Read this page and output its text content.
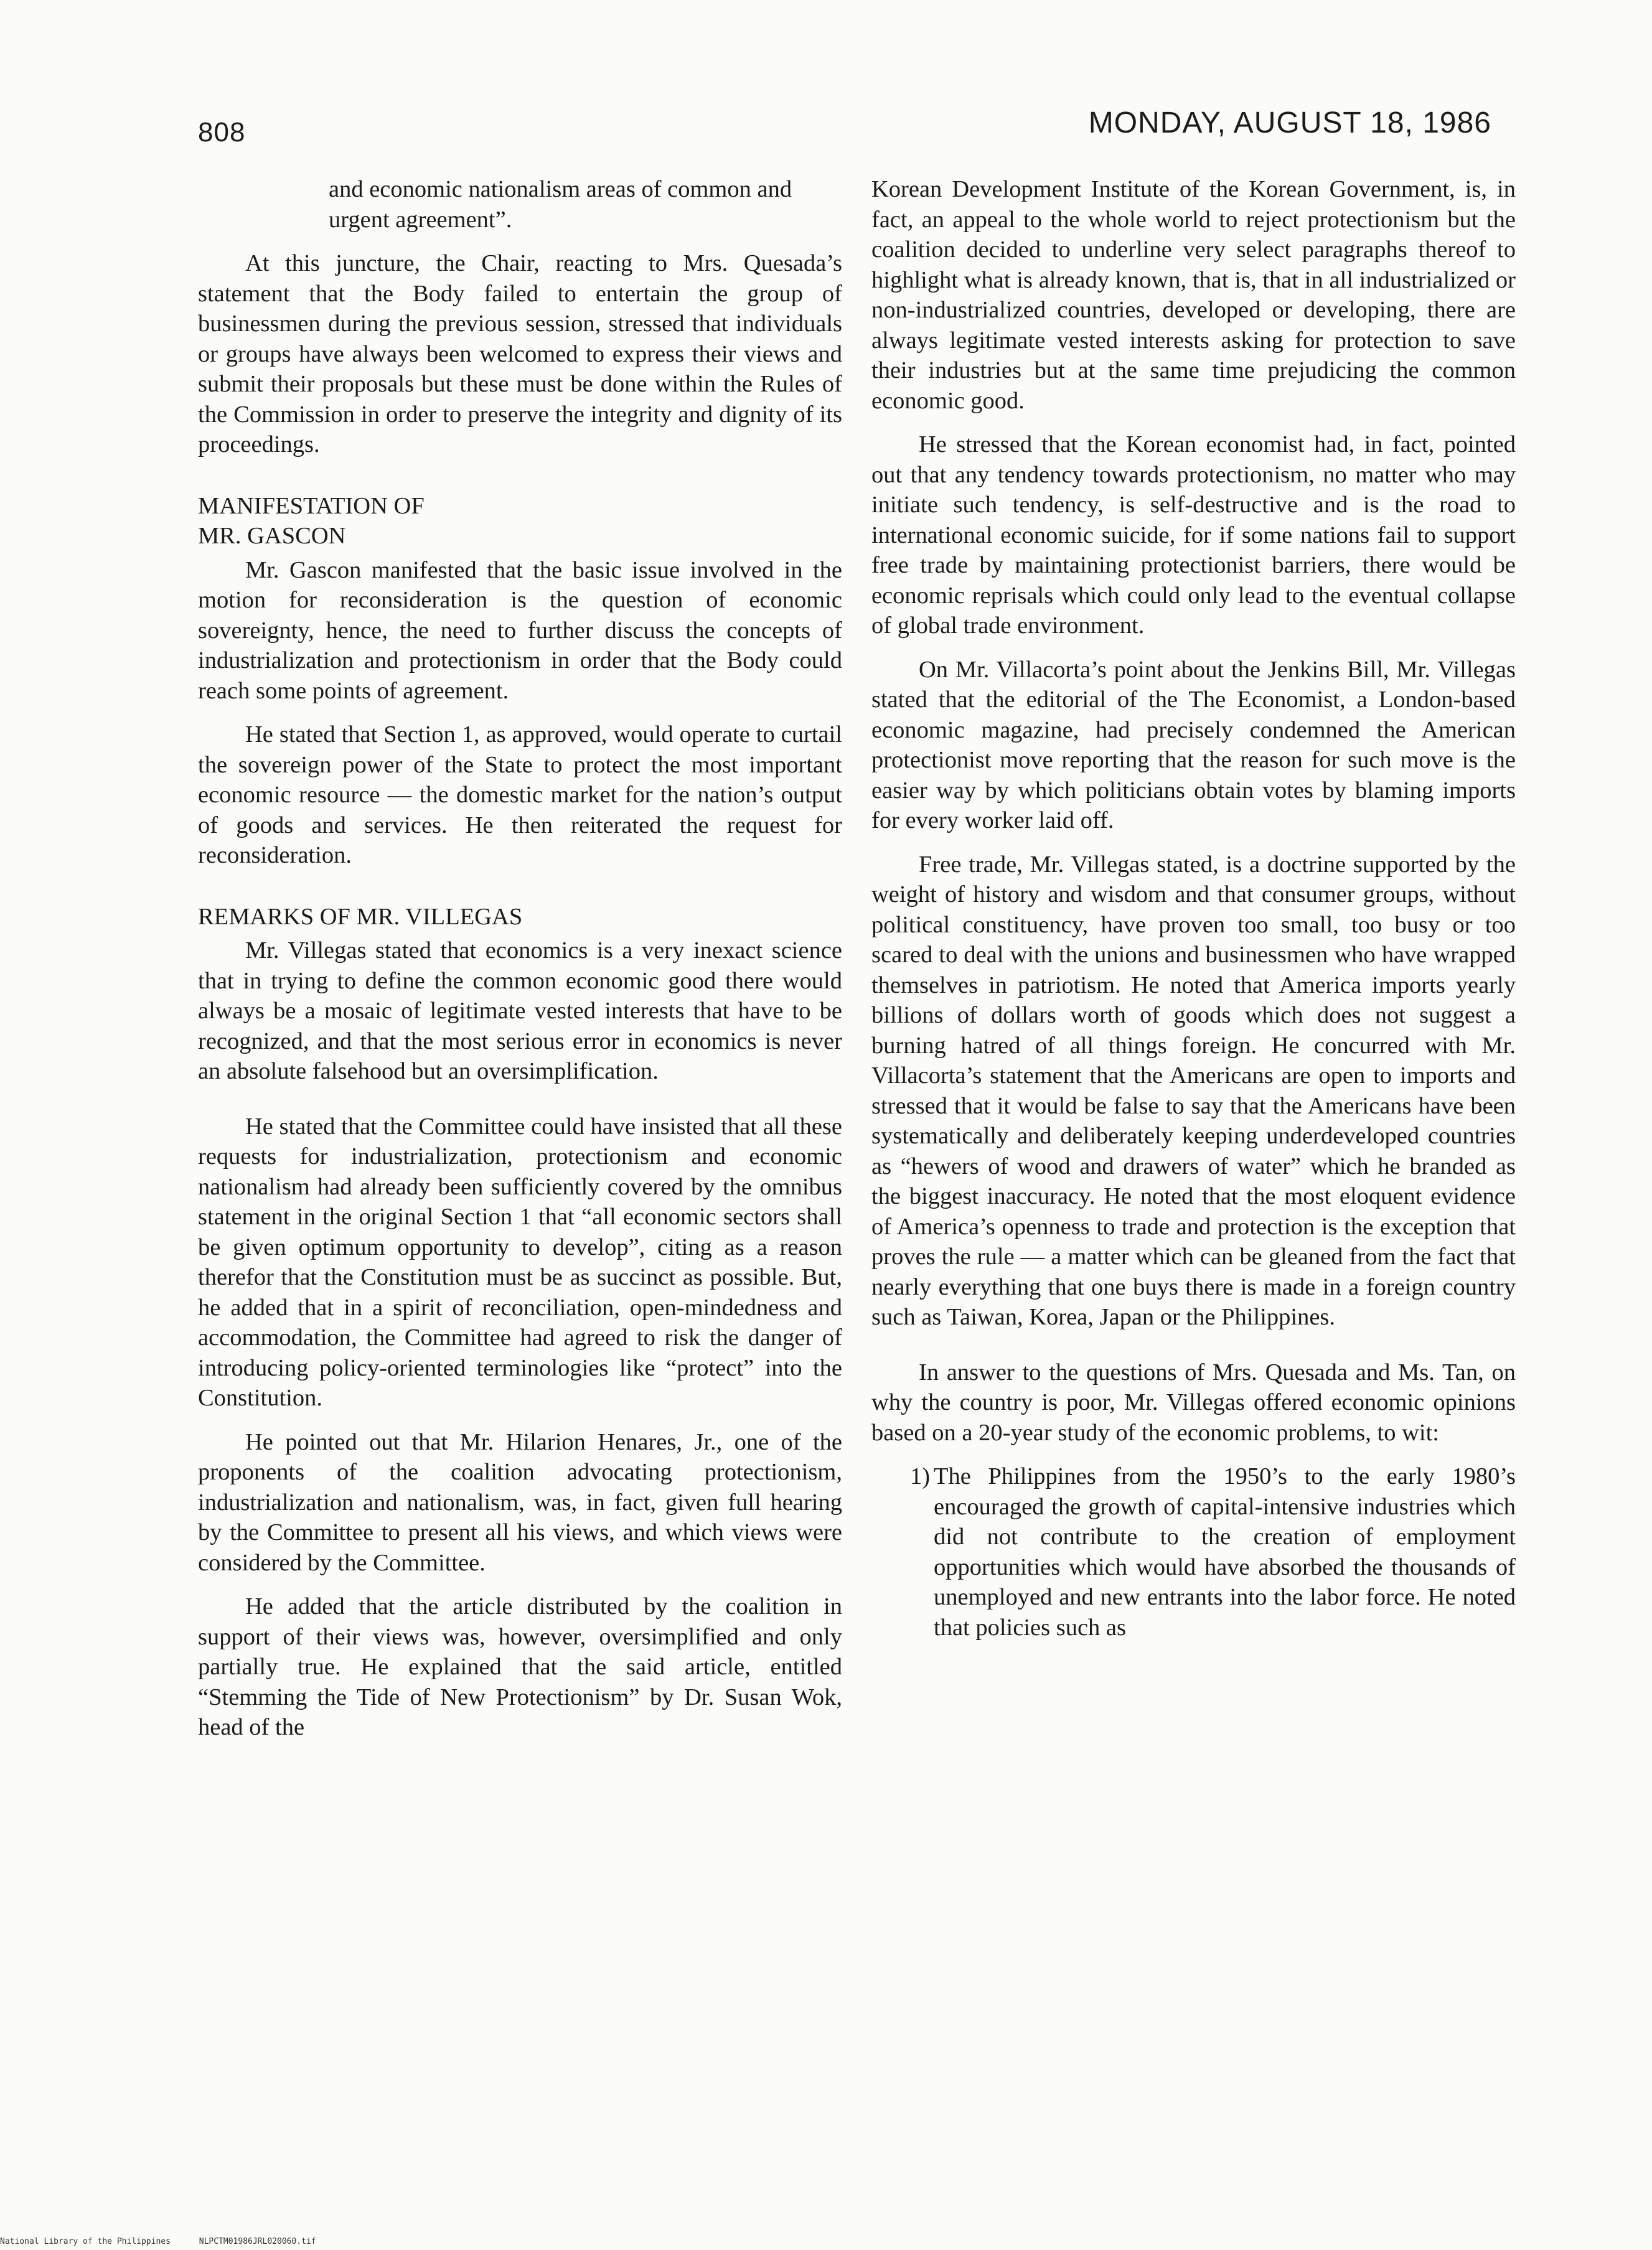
808	MONDAY, AUGUST 18, 1986

and economic nationalism areas of common and urgent agreement”.

At this juncture, the Chair, reacting to Mrs. Quesada’s statement that the Body failed to entertain the group of businessmen during the previous session, stressed that individuals or groups have always been welcomed to express their views and submit their proposals but these must be done within the Rules of the Commission in order to preserve the integrity and dignity of its proceedings.

MANIFESTATION OF
MR. GASCON

Mr. Gascon manifested that the basic issue involved in the motion for reconsideration is the question of economic sovereignty, hence, the need to further discuss the concepts of industrialization and protectionism in order that the Body could reach some points of agreement.

He stated that Section 1, as approved, would operate to curtail the sovereign power of the State to protect the most important economic resource — the domestic market for the nation’s output of goods and services. He then reiterated the request for reconsideration.

REMARKS OF MR. VILLEGAS

Mr. Villegas stated that economics is a very inexact science that in trying to define the common economic good there would always be a mosaic of legitimate vested interests that have to be recognized, and that the most serious error in economics is never an absolute falsehood but an oversimplification.

He stated that the Committee could have insisted that all these requests for industrialization, protectionism and economic nationalism had already been sufficiently covered by the omnibus statement in the original Section 1 that “all economic sectors shall be given optimum opportunity to develop”, citing as a reason therefor that the Constitution must be as succinct as possible. But, he added that in a spirit of reconciliation, open-mindedness and accommodation, the Committee had agreed to risk the danger of introducing policy-oriented terminologies like “protect” into the Constitution.

He pointed out that Mr. Hilarion Henares, Jr., one of the proponents of the coalition advocating protectionism, industrialization and nationalism, was, in fact, given full hearing by the Committee to present all his views, and which views were considered by the Committee.

He added that the article distributed by the coalition in support of their views was, however, oversimplified and only partially true. He explained that the said article, entitled “Stemming the Tide of New Protectionism” by Dr. Susan Wok, head of the

Korean Development Institute of the Korean Government, is, in fact, an appeal to the whole world to reject protectionism but the coalition decided to underline very select paragraphs thereof to highlight what is already known, that is, that in all industrialized or non-industrialized countries, developed or developing, there are always legitimate vested interests asking for protection to save their industries but at the same time prejudicing the common economic good.

He stressed that the Korean economist had, in fact, pointed out that any tendency towards protectionism, no matter who may initiate such tendency, is self-destructive and is the road to international economic suicide, for if some nations fail to support free trade by maintaining protectionist barriers, there would be economic reprisals which could only lead to the eventual collapse of global trade environment.

On Mr. Villacorta’s point about the Jenkins Bill, Mr. Villegas stated that the editorial of the The Economist, a London-based economic magazine, had precisely condemned the American protectionist move reporting that the reason for such move is the easier way by which politicians obtain votes by blaming imports for every worker laid off.

Free trade, Mr. Villegas stated, is a doctrine supported by the weight of history and wisdom and that consumer groups, without political constituency, have proven too small, too busy or too scared to deal with the unions and businessmen who have wrapped themselves in patriotism. He noted that America imports yearly billions of dollars worth of goods which does not suggest a burning hatred of all things foreign. He concurred with Mr. Villacorta’s statement that the Americans are open to imports and stressed that it would be false to say that the Americans have been systematically and deliberately keeping underdeveloped countries as “hewers of wood and drawers of water” which he branded as the biggest inaccuracy. He noted that the most eloquent evidence of America’s openness to trade and protection is the exception that proves the rule — a matter which can be gleaned from the fact that nearly everything that one buys there is made in a foreign country such as Taiwan, Korea, Japan or the Philippines.

In answer to the questions of Mrs. Quesada and Ms. Tan, on why the country is poor, Mr. Villegas offered economic opinions based on a 20-year study of the economic problems, to wit:

1) The Philippines from the 1950’s to the early 1980’s encouraged the growth of capital-intensive industries which did not contribute to the creation of employment opportunities which would have absorbed the thousands of unemployed and new entrants into the labor force. He noted that policies such as
National Library of the Philippines	NLPCTM01986JRL020060.tif
